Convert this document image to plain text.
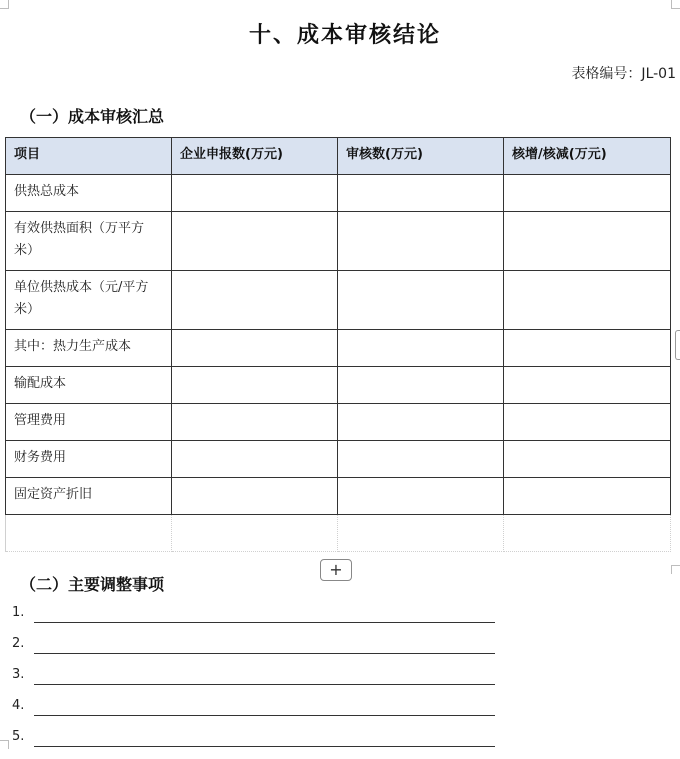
十、成本审核结论
表格编号：JL-01
（一）成本审核汇总
项目	企业申报数(万元)	审核数(万元)	核增/核减(万元)
供热总成本			
有效供热面积（万平方米）			
单位供热成本（元/平方米）			
其中：热力生产成本			
输配成本			
管理费用			
财务费用			
固定资产折旧			

+
（二）主要调整事项
1.
2.
3.
4.
5.
